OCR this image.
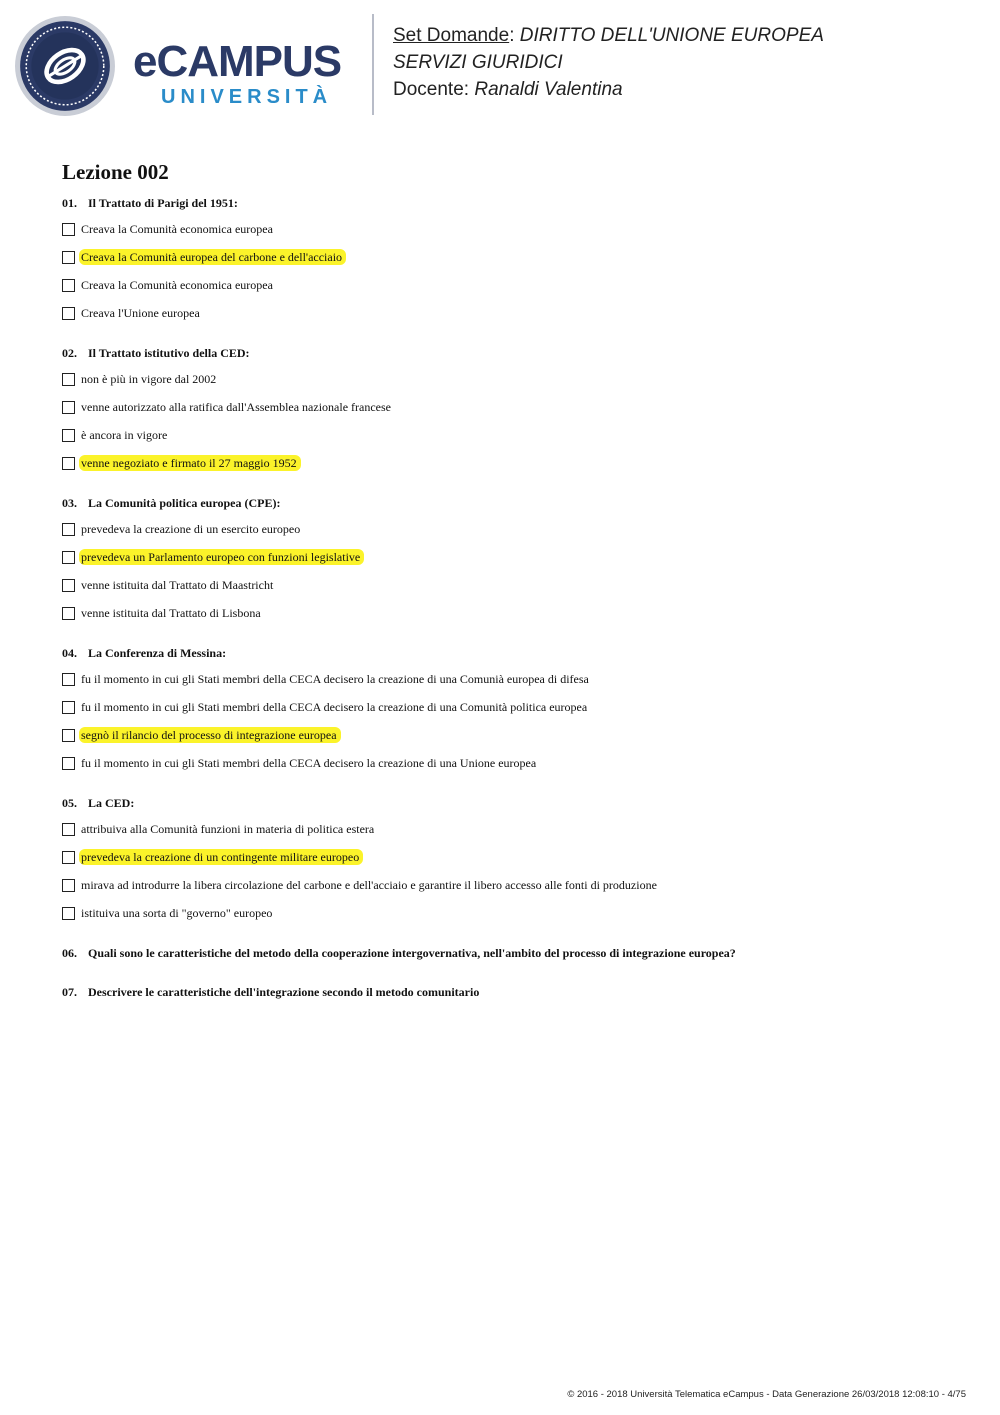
eCAMPUS
UNIVERSITÀ
Set Domande: DIRITTO DELL'UNIONE EUROPEA
SERVIZI GIURIDICI
Docente: Ranaldi Valentina
Lezione 002
01. Il Trattato di Parigi del 1951:
Creava la Comunità economica europea
Creava la Comunità europea del carbone e dell'acciaio
Creava la Comunità economica europea
Creava l'Unione europea
02. Il Trattato istitutivo della CED:
non è più in vigore dal 2002
venne autorizzato alla ratifica dall'Assemblea nazionale francese
è ancora in vigore
venne negoziato e firmato il 27 maggio 1952
03. La Comunità politica europea (CPE):
prevedeva la creazione di un esercito europeo
prevedeva un Parlamento europeo con funzioni legislative
venne istituita dal Trattato di Maastricht
venne istituita dal Trattato di Lisbona
04. La Conferenza di Messina:
fu il momento in cui gli Stati membri della CECA decisero la creazione di una Comunià europea di difesa
fu il momento in cui gli Stati membri della CECA decisero la creazione di una Comunità politica europea
segnò il rilancio del processo di integrazione europea
fu il momento in cui gli Stati membri della CECA decisero la creazione di una Unione europea
05. La CED:
attribuiva alla Comunità funzioni in materia di politica estera
prevedeva la creazione di un contingente militare europeo
mirava ad introdurre la libera circolazione del carbone e dell'acciaio e garantire il libero accesso alle fonti di produzione
istituiva una sorta di "governo" europeo
06. Quali sono le caratteristiche del metodo della cooperazione intergovernativa, nell'ambito del processo di integrazione europea?
07. Descrivere le caratteristiche dell'integrazione secondo il metodo comunitario
© 2016 - 2018 Università Telematica eCampus - Data Generazione 26/03/2018 12:08:10 - 4/75
